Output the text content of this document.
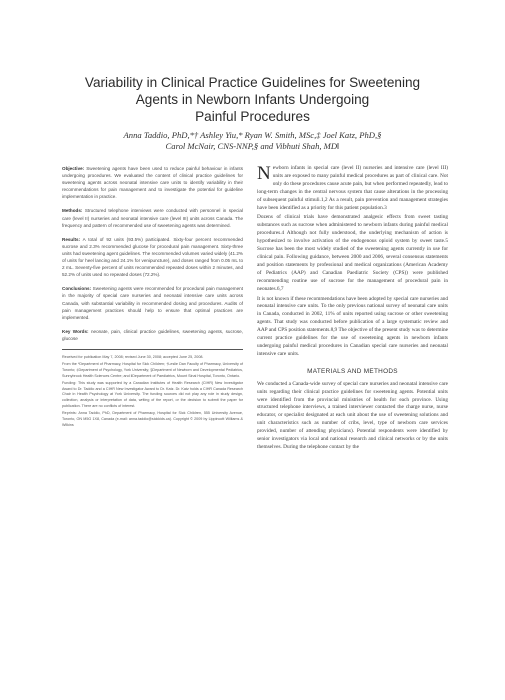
Variability in Clinical Practice Guidelines for Sweetening
Agents in Newborn Infants Undergoing
Painful Procedures
Anna Taddio, PhD,*† Ashley Yiu,* Ryan W. Smith, MSc,‡ Joel Katz, PhD,§
Carol McNair, CNS-NNP,§ and Vibhuti Shah, MD‖

Objective: Sweetening agents have been used to reduce painful behaviour in infants undergoing procedures. We evaluated the content of clinical practice guidelines for sweetening agents across neonatal intensive care units to identify variability in their recommendations for pain management and to investigate the potential for guideline implementation in practice.

Methods: Structured telephone interviews were conducted with personnel in special care (level II) nurseries and neonatal intensive care (level III) units across Canada. The frequency and pattern of recommended use of sweetening agents was determined.

Results: A total of 92 units (93.5%) participated. Sixty-four percent recommended sucrose and 2.3% recommended glucose for procedural pain management. Sixty-three units had sweetening agent guidelines. The recommended volumes varied widely (41.2% of units for heel lancing and 24.1% for venipuncture), and doses ranged from 0.05 mL to 2 mL. Seventy-five percent of units recommended repeated doses within 2 minutes, and 52.2% of units used no repeated doses (72.2%).

Conclusions: Sweetening agents were recommended for procedural pain management in the majority of special care nurseries and neonatal intensive care units across Canada, with substantial variability in recommended dosing and procedures. Audits of pain management practices should help to ensure that optimal practices are implemented.

Key Words: neonate, pain, clinical practice guidelines, sweetening agents, sucrose, glucose

Received for publication May 7, 2008; revised June 30, 2008; accepted June 25, 2008.

From the *Department of Pharmacy, Hospital for Sick Children; †Leslie Dan Faculty of Pharmacy, University of Toronto; ‡Department of Psychology, York University; §Department of Newborn and Developmental Pediatrics, Sunnybrook Health Sciences Centre; and ‖Department of Paediatrics, Mount Sinai Hospital, Toronto, Ontario.

Funding: This study was supported by a Canadian Institutes of Health Research (CIHR) New Investigator Award to Dr. Taddio and a CIHR New Investigator Award to Dr. Katz. Dr. Katz holds a CIHR Canada Research Chair in Health Psychology at York University. The funding sources did not play any role in study design, collection, analysis or interpretation of data, writing of the report, or the decision to submit the paper for publication. There are no conflicts of interest.

Reprints: Anna Taddio, PhD, Department of Pharmacy, Hospital for Sick Children, 555 University Avenue, Toronto, ON M5G 1X8, Canada (e-mail: anna.taddio@sickkids.ca). Copyright © 2009 by Lippincott Williams & Wilkins

Newborn infants in special care (level II) nurseries and intensive care (level III) units are exposed to many painful medical procedures as part of clinical care. Not only do these procedures cause acute pain, but when performed repeatedly, lead to long-term changes in the central nervous system that cause alterations in the processing of subsequent painful stimuli.1,2 As a result, pain prevention and management strategies have been identified as a priority for this patient population.3

Dozens of clinical trials have demonstrated analgesic effects from sweet tasting substances such as sucrose when administered to newborn infants during painful medical procedures.4 Although not fully understood, the underlying mechanism of action is hypothesized to involve activation of the endogenous opioid system by sweet taste.5 Sucrose has been the most widely studied of the sweetening agents currently in use for clinical pain. Following guidance, between 2000 and 2006, several consensus statements and position statements by professional and medical organizations (American Academy of Pediatrics (AAP) and Canadian Paediatric Society (CPS)) were published recommending routine use of sucrose for the management of procedural pain in neonates.6,7

It is not known if these recommendations have been adopted by special care nurseries and neonatal intensive care units. To the only previous national survey of neonatal care units in Canada, conducted in 2002, 11% of units reported using sucrose or other sweetening agents. That study was conducted before publication of a large systematic review and AAP and CPS position statements.8,9 The objective of the present study was to determine current practice guidelines for the use of sweetening agents in newborn infants undergoing painful medical procedures in Canadian special care nurseries and neonatal intensive care units.

MATERIALS AND METHODS

We conducted a Canada-wide survey of special care nurseries and neonatal intensive care units regarding their clinical practice guidelines for sweetening agents. Potential units were identified from the provincial ministries of health for each province. Using structured telephone interviews, a trained interviewer contacted the charge nurse, nurse educator, or specialist designated at each unit about the use of sweetening solutions and unit characteristics such as number of cribs, level, type of newborn care services provided, number of attending physicians). Potential respondents were identified by senior investigators via local and national research and clinical networks or by the units themselves. During the telephone contact by the
